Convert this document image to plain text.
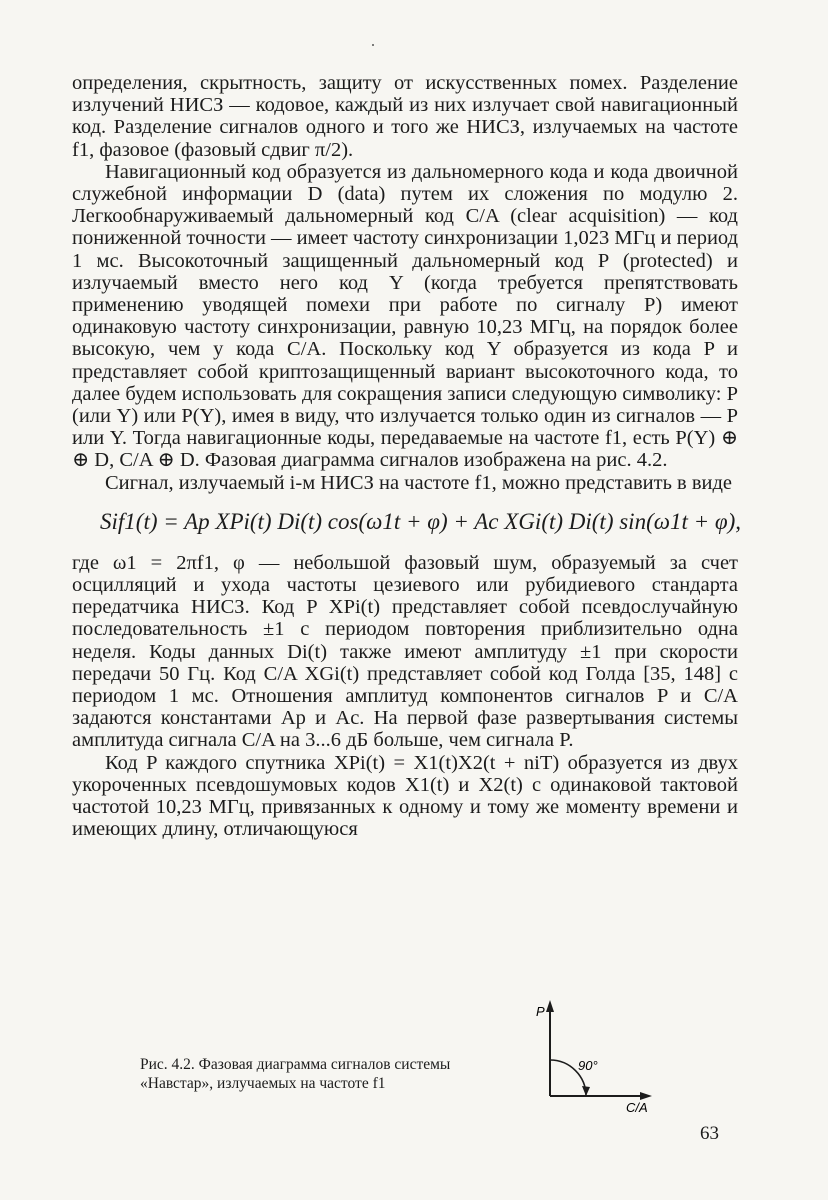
определения, скрытность, защиту от искусственных помех. Разделение излучений НИСЗ — кодовое, каждый из них излучает свой навигационный код. Разделение сигналов одного и того же НИСЗ, излучаемых на частоте f1, фазовое (фазовый сдвиг π/2).

Навигационный код образуется из дальномерного кода и кода двоичной служебной информации D (data) путем их сложения по модулю 2. Легкообнаруживаемый дальномерный код C/A (clear acquisition) — код пониженной точности — имеет частоту синхронизации 1,023 МГц и период 1 мс. Высокоточный защищенный дальномерный код P (protected) и излучаемый вместо него код Y (когда требуется препятствовать применению уводящей помехи при работе по сигналу P) имеют одинаковую частоту синхронизации, равную 10,23 МГц, на порядок более высокую, чем у кода C/A. Поскольку код Y образуется из кода P и представляет собой криптозащищенный вариант высокоточного кода, то далее будем использовать для сокращения записи следующую символику: P (или Y) или P(Y), имея в виду, что излучается только один из сигналов — P или Y. Тогда навигационные коды, передаваемые на частоте f1, есть P(Y) ⊕ ⊕ D, C/A ⊕ D. Фазовая диаграмма сигналов изображена на рис. 4.2.

Сигнал, излучаемый i-м НИСЗ на частоте f1, можно представить в виде

Sif1(t) = Ap XPi(t) Di(t) cos(ω1t + φ) + Ac XGi(t) Di(t) sin(ω1t + φ),

где ω1 = 2πf1, φ — небольшой фазовый шум, образуемый за счет осцилляций и ухода частоты цезиевого или рубидиевого стандарта передатчика НИСЗ. Код P XPi(t) представляет собой псевдослучайную последовательность ±1 с периодом повторения приблизительно одна неделя. Коды данных Di(t) также имеют амплитуду ±1 при скорости передачи 50 Гц. Код C/A XGi(t) представляет собой код Голда [35, 148] с периодом 1 мс. Отношения амплитуд компонентов сигналов P и C/A задаются константами Ap и Ac. На первой фазе развертывания системы амплитуда сигнала C/A на 3...6 дБ больше, чем сигнала P.

Код P каждого спутника XPi(t) = X1(t)X2(t + niT) образуется из двух укороченных псевдошумовых кодов X1(t) и X2(t) с одинаковой тактовой частотой 10,23 МГц, привязанных к одному и тому же моменту времени и имеющих длину, отличающуюся

Рис. 4.2. Фазовая диаграмма сигналов системы «Навстар», излучаемых на частоте f1
P
90°
C/A
63
